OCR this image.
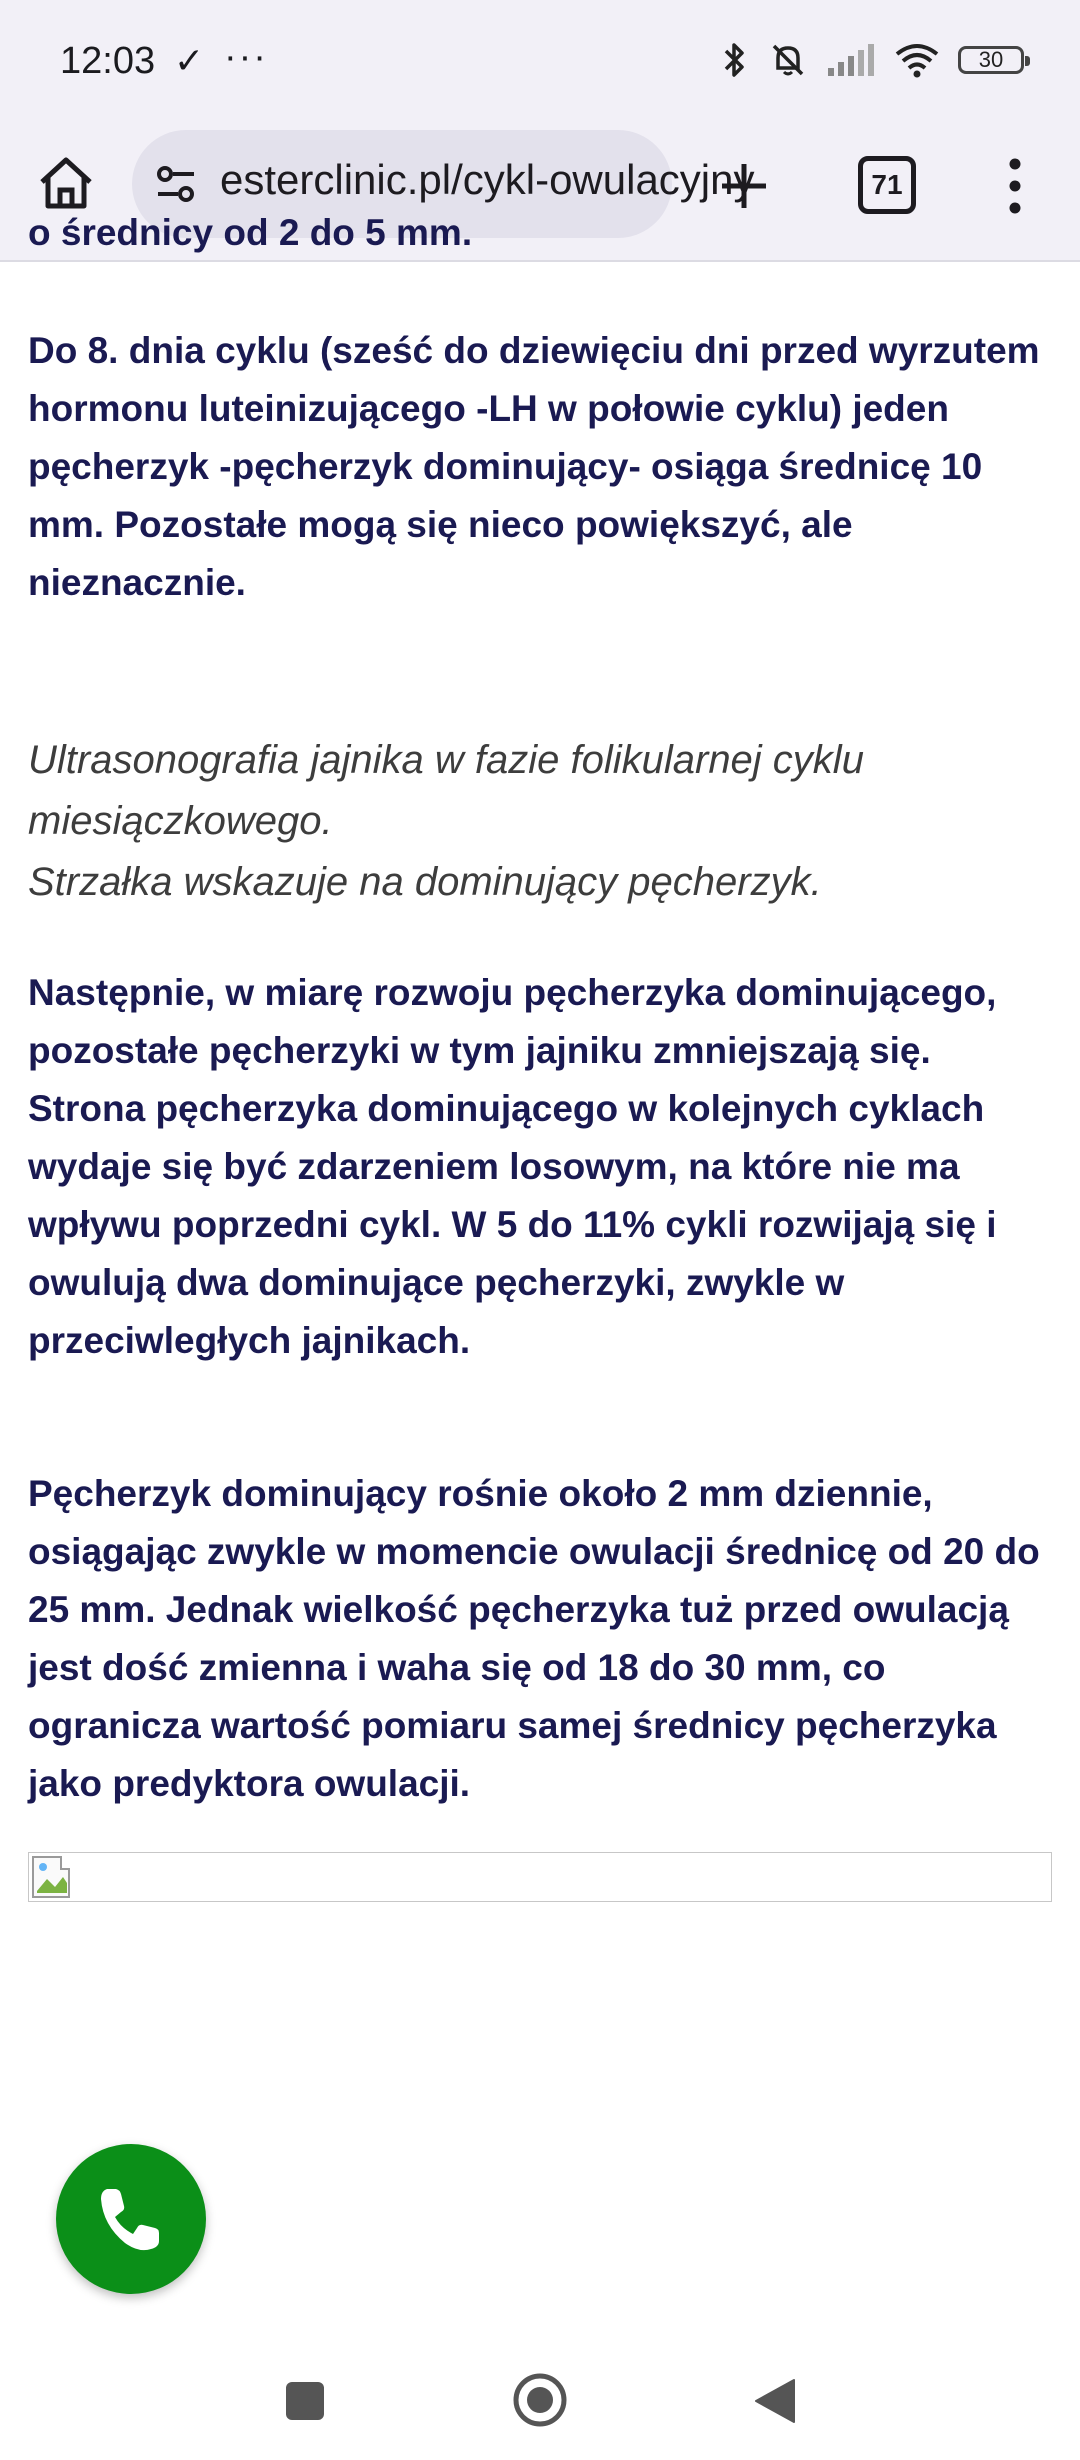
12:03 ✓ ···	30
esterclinic.pl/cykl-owulacyjny	71
o średnicy od 2 do 5 mm.

Do 8. dnia cyklu (sześć do dziewięciu dni przed wyrzutem hormonu luteinizującego -LH w połowie cyklu) jeden pęcherzyk -pęcherzyk dominujący- osiąga średnicę 10 mm. Pozostałe mogą się nieco powiększyć, ale nieznacznie.

Ultrasonografia jajnika w fazie folikularnej cyklu miesiączkowego.
Strzałka wskazuje na dominujący pęcherzyk.

Następnie, w miarę rozwoju pęcherzyka dominującego, pozostałe pęcherzyki w tym jajniku zmniejszają się. Strona pęcherzyka dominującego w kolejnych cyklach wydaje się być zdarzeniem losowym, na które nie ma wpływu poprzedni cykl. W 5 do 11% cykli rozwijają się i owulują dwa dominujące pęcherzyki, zwykle w przeciwległych jajnikach.

Pęcherzyk dominujący rośnie około 2 mm dziennie, osiągając zwykle w momencie owulacji średnicę od 20 do 25 mm. Jednak wielkość pęcherzyka tuż przed owulacją jest dość zmienna i waha się od 18 do 30 mm, co ogranicza wartość pomiaru samej średnicy pęcherzyka jako predyktora owulacji.
